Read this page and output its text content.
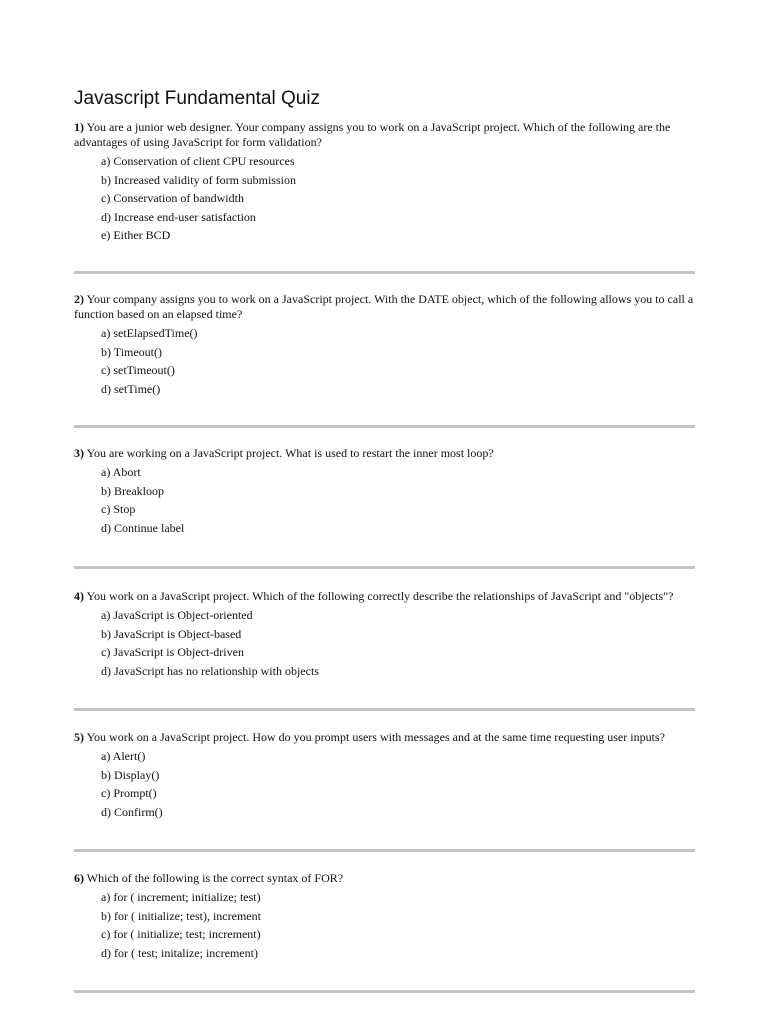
Javascript Fundamental Quiz

1) You are a junior web designer. Your company assigns you to work on a JavaScript project. Which of the following are the advantages of using JavaScript for form validation?

a) Conservation of client CPU resources
b) Increased validity of form submission
c) Conservation of bandwidth
d) Increase end-user satisfaction
e) Either BCD

2) Your company assigns you to work on a JavaScript project. With the DATE object, which of the following allows you to call a function based on an elapsed time?

a) setElapsedTime()
b) Timeout()
c) setTimeout()
d) setTime()

3) You are working on a JavaScript project. What is used to restart the inner most loop?

a) Abort
b) Breakloop
c) Stop
d) Continue label

4) You work on a JavaScript project. Which of the following correctly describe the relationships of JavaScript and "objects"?

a) JavaScript is Object-oriented
b) JavaScript is Object-based
c) JavaScript is Object-driven
d) JavaScript has no relationship with objects

5) You work on a JavaScript project. How do you prompt users with messages and at the same time requesting user inputs?

a) Alert()
b) Display()
c) Prompt()
d) Confirm()

6) Which of the following is the correct syntax of FOR?

a) for ( increment; initialize; test)
b) for ( initialize; test), increment
c) for ( initialize; test; increment)
d) for ( test; initalize; increment)
